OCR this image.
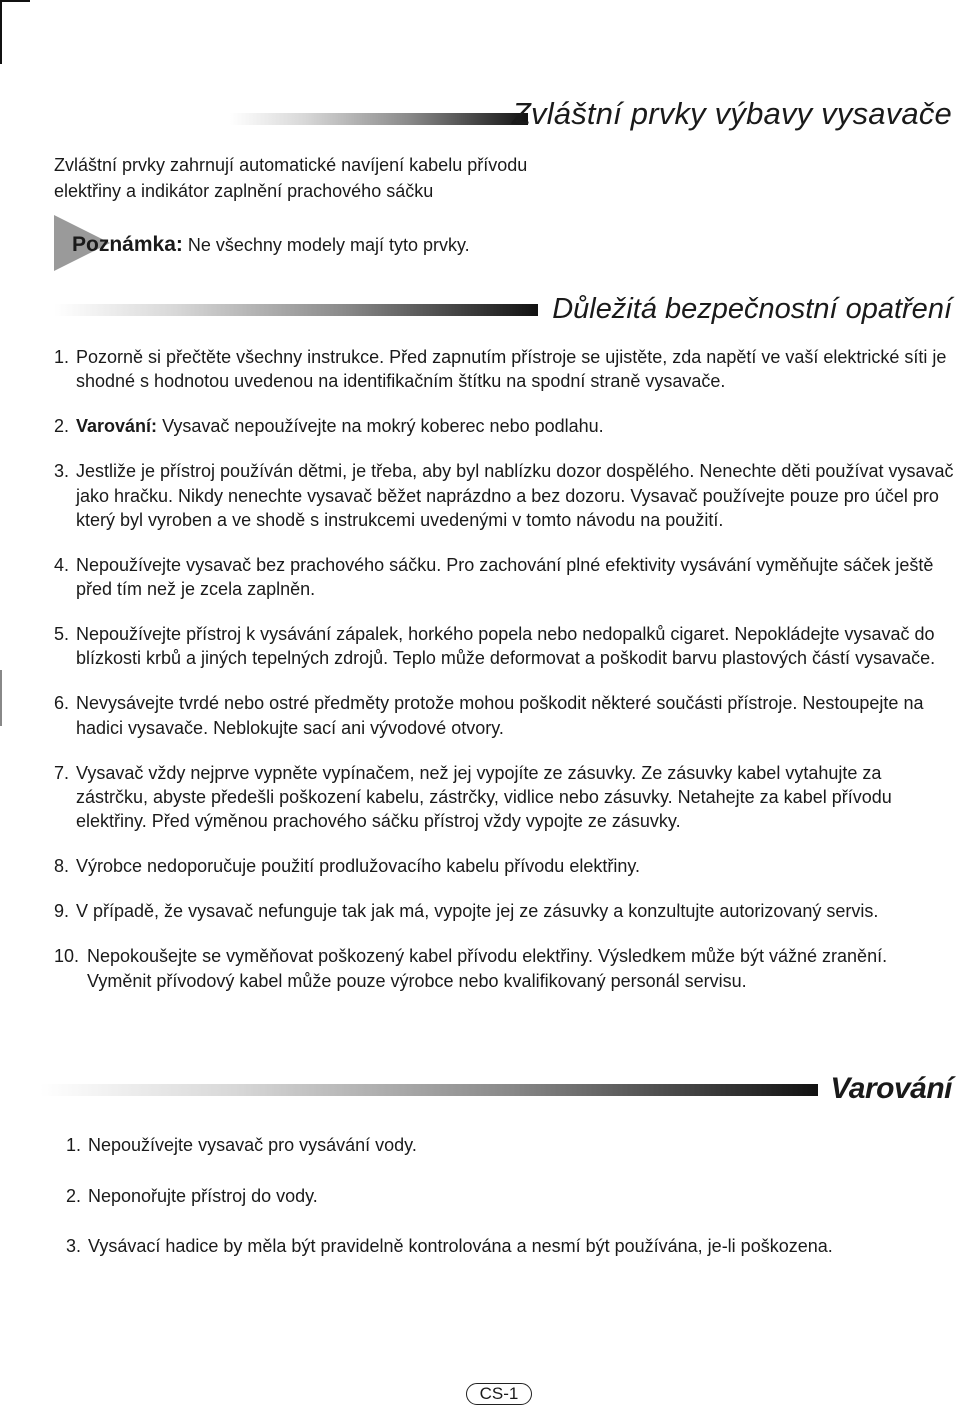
Zvláštní prvky výbavy vysavače

Zvláštní prvky zahrnují automatické navíjení kabelu přívodu elektřiny a indikátor zaplnění prachového sáčku

Poznámka: Ne všechny modely mají tyto prvky.
Důležitá bezpečnostní opatření
1. Pozorně si přečtěte všechny instrukce. Před zapnutím přístroje se ujistěte, zda napětí ve vaší elektrické síti je shodné s hodnotou uvedenou na identifikačním štítku na spodní straně vysavače.
2. Varování: Vysavač nepoužívejte na mokrý koberec nebo podlahu.
3. Jestliže je přístroj používán dětmi, je třeba, aby byl nablízku dozor dospělého. Nenechte děti používat vysavač jako hračku. Nikdy nenechte vysavač běžet naprázdno a bez dozoru. Vysavač používejte pouze pro účel pro který byl vyroben a ve shodě s instrukcemi uvedenými v tomto návodu na použití.
4. Nepoužívejte vysavač bez prachového sáčku. Pro zachování plné efektivity vysávání vyměňujte sáček ještě před tím než je zcela zaplněn.
5. Nepoužívejte přístroj k vysávání zápalek, horkého popela nebo nedopalků cigaret. Nepokládejte vysavač do blízkosti krbů a jiných tepelných zdrojů. Teplo může deformovat a poškodit barvu plastových částí vysavače.
6. Nevysávejte tvrdé nebo ostré předměty protože mohou poškodit některé součásti přístroje. Nestoupejte na hadici vysavače. Neblokujte sací ani vývodové otvory.
7. Vysavač vždy nejprve vypněte vypínačem, než jej vypojíte ze zásuvky. Ze zásuvky kabel vytahujte za zástrčku, abyste předešli poškození kabelu, zástrčky, vidlice nebo zásuvky. Netahejte za kabel přívodu elektřiny. Před výměnou prachového sáčku přístroj vždy vypojte ze zásuvky.
8. Výrobce nedoporučuje použití prodlužovacího kabelu přívodu elektřiny.
9. V případě, že vysavač nefunguje tak jak má, vypojte jej ze zásuvky a konzultujte autorizovaný servis.
10. Nepokoušejte se vyměňovat poškozený kabel přívodu elektřiny. Výsledkem může být vážné zranění. Vyměnit přívodový kabel může pouze výrobce nebo kvalifikovaný personál servisu.
Varování
1. Nepoužívejte vysavač pro vysávání vody.
2. Neponořujte přístroj do vody.
3. Vysávací hadice by měla být pravidelně kontrolována a nesmí být používána, je-li poškozena.
CS-1
